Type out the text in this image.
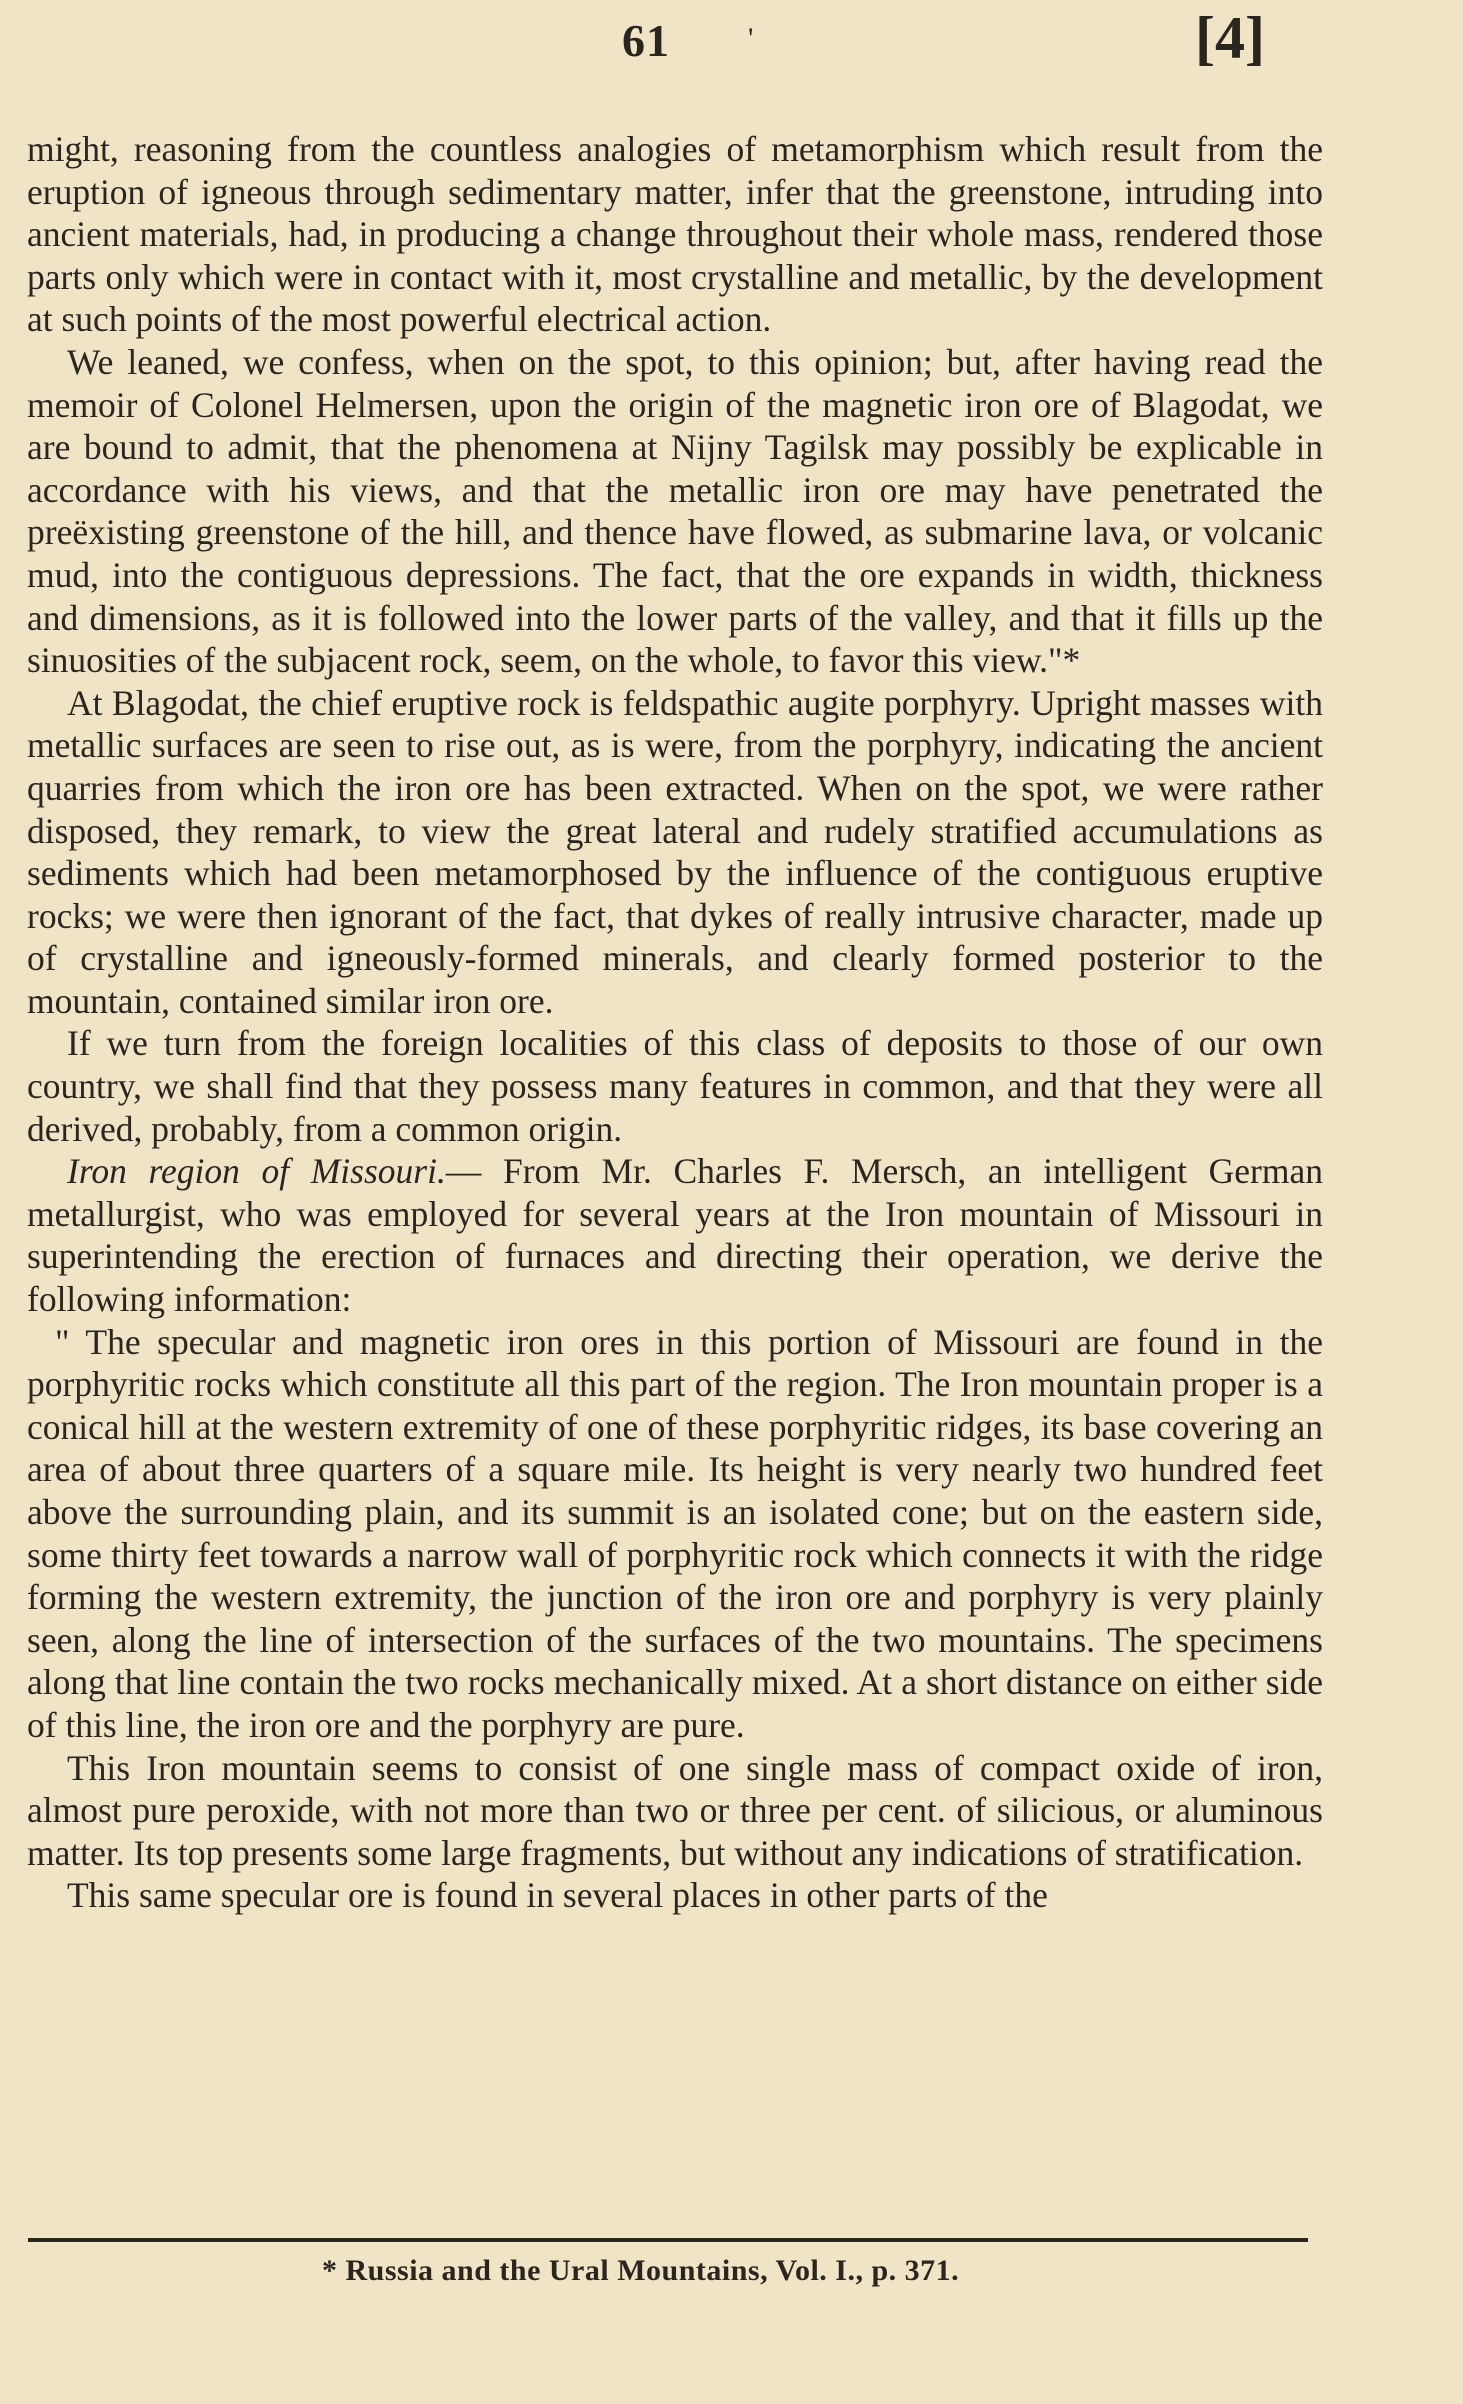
61	'	[4]

might, reasoning from the countless analogies of metamorphism which result from the eruption of igneous through sedimentary matter, infer that the greenstone, intruding into ancient materials, had, in producing a change throughout their whole mass, rendered those parts only which were in contact with it, most crystalline and metallic, by the development at such points of the most powerful electrical action.

We leaned, we confess, when on the spot, to this opinion; but, after having read the memoir of Colonel Helmersen, upon the origin of the magnetic iron ore of Blagodat, we are bound to admit, that the phenomena at Nijny Tagilsk may possibly be explicable in accordance with his views, and that the metallic iron ore may have penetrated the preëxisting greenstone of the hill, and thence have flowed, as submarine lava, or volcanic mud, into the contiguous depressions. The fact, that the ore expands in width, thickness and dimensions, as it is followed into the lower parts of the valley, and that it fills up the sinuosities of the subjacent rock, seem, on the whole, to favor this view."*

At Blagodat, the chief eruptive rock is feldspathic augite porphyry. Upright masses with metallic surfaces are seen to rise out, as is were, from the porphyry, indicating the ancient quarries from which the iron ore has been extracted. When on the spot, we were rather disposed, they remark, to view the great lateral and rudely stratified accumulations as sediments which had been metamorphosed by the influence of the contiguous eruptive rocks; we were then ignorant of the fact, that dykes of really intrusive character, made up of crystalline and igneously-formed minerals, and clearly formed posterior to the mountain, contained similar iron ore.

If we turn from the foreign localities of this class of deposits to those of our own country, we shall find that they possess many features in common, and that they were all derived, probably, from a common origin.

Iron region of Missouri.— From Mr. Charles F. Mersch, an intelligent German metallurgist, who was employed for several years at the Iron mountain of Missouri in superintending the erection of furnaces and directing their operation, we derive the following information:

" The specular and magnetic iron ores in this portion of Missouri are found in the porphyritic rocks which constitute all this part of the region. The Iron mountain proper is a conical hill at the western extremity of one of these porphyritic ridges, its base covering an area of about three quarters of a square mile. Its height is very nearly two hundred feet above the surrounding plain, and its summit is an isolated cone; but on the eastern side, some thirty feet towards a narrow wall of porphyritic rock which connects it with the ridge forming the western extremity, the junction of the iron ore and porphyry is very plainly seen, along the line of intersection of the surfaces of the two mountains. The specimens along that line contain the two rocks mechanically mixed. At a short distance on either side of this line, the iron ore and the porphyry are pure.

This Iron mountain seems to consist of one single mass of compact oxide of iron, almost pure peroxide, with not more than two or three per cent. of silicious, or aluminous matter. Its top presents some large fragments, but without any indications of stratification.

This same specular ore is found in several places in other parts of the

* Russia and the Ural Mountains, Vol. I., p. 371.
